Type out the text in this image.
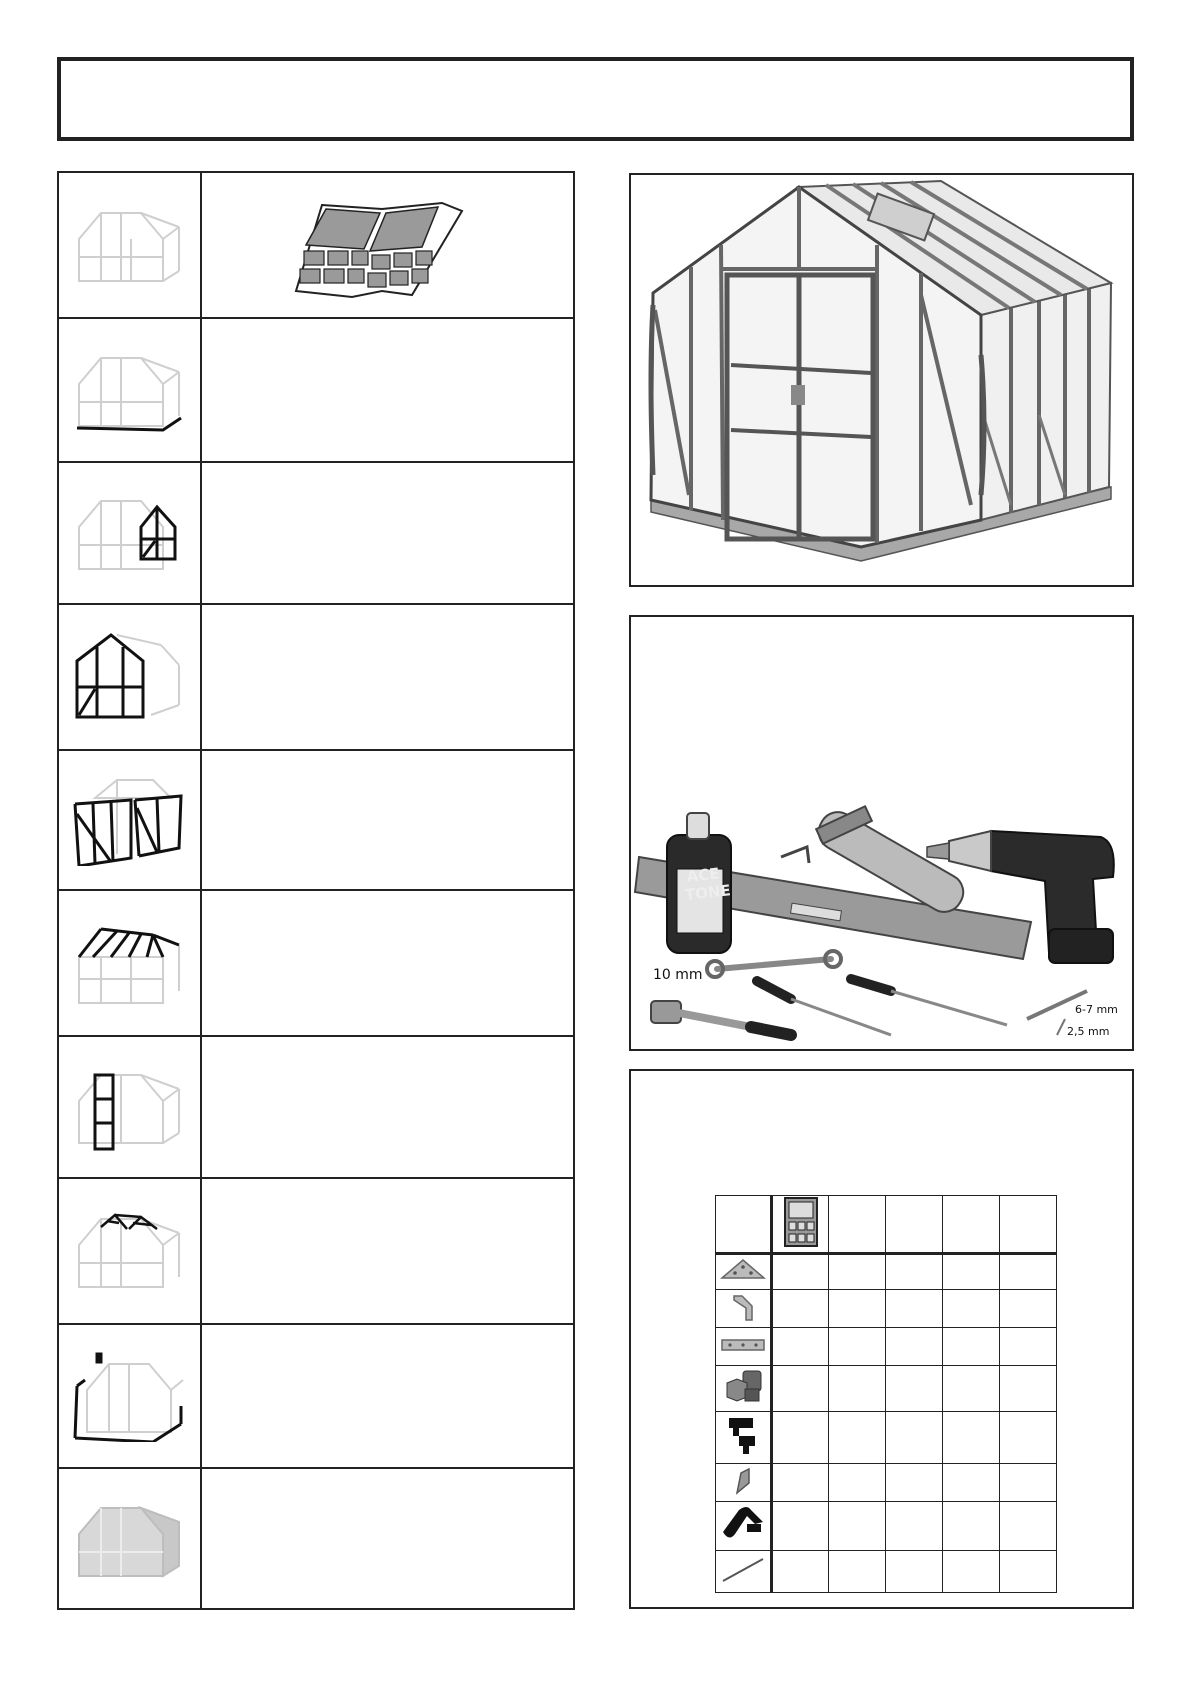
ACE
TONE
10 mm
6-7 mm
2,5 mm
